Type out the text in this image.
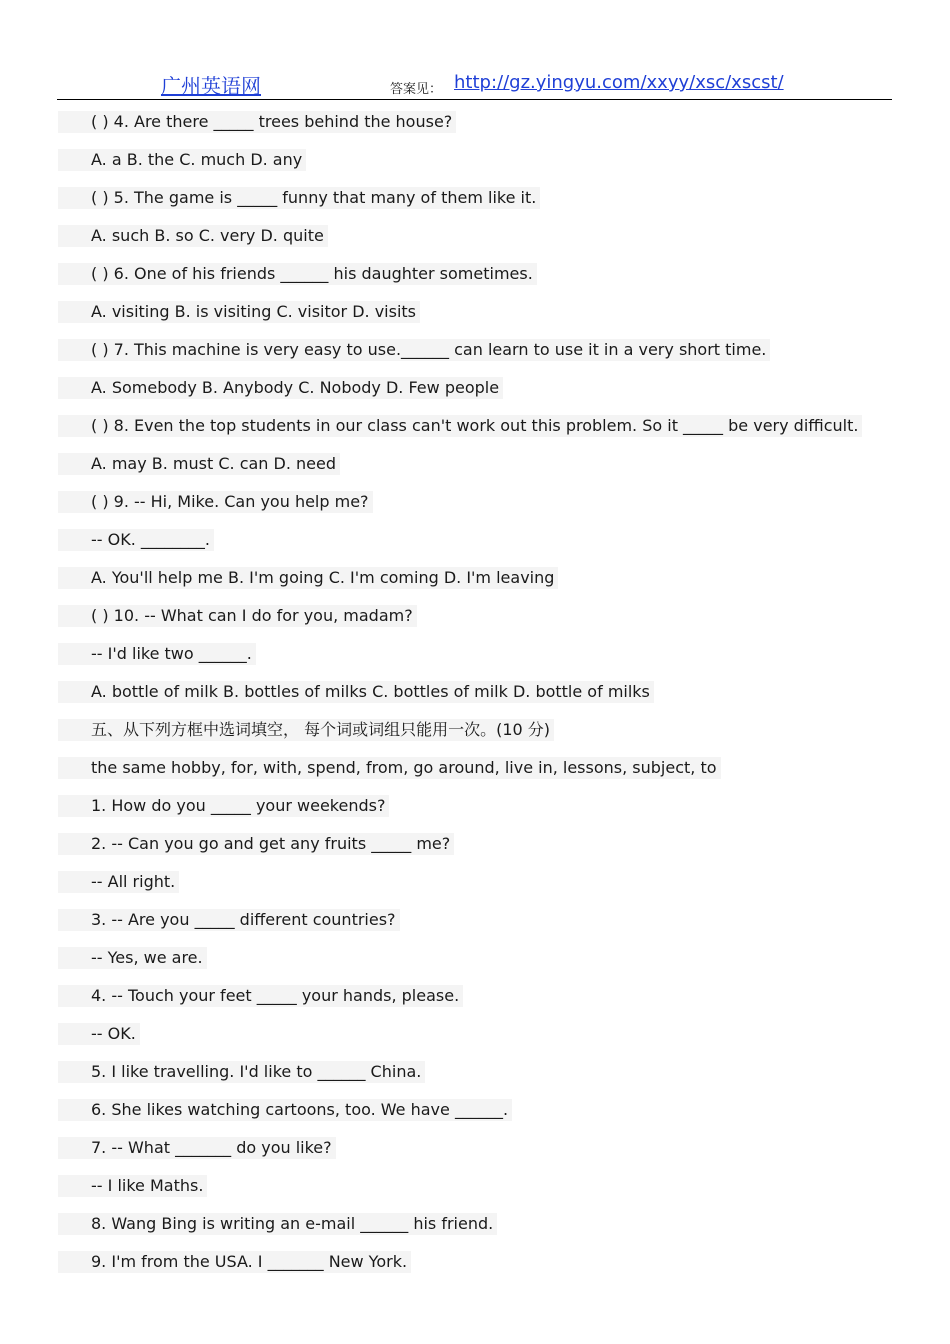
广州英语网	答案见： http://gz.yingyu.com/xxyy/xsc/xscst/
( ) 4. Are there _____ trees behind the house?
A. a B. the C. much D. any
( ) 5. The game is _____ funny that many of them like it.
A. such B. so C. very D. quite
( ) 6. One of his friends ______ his daughter sometimes.
A. visiting B. is visiting C. visitor D. visits
( ) 7. This machine is very easy to use.______ can learn to use it in a very short time.
A. Somebody B. Anybody C. Nobody D. Few people
( ) 8. Even the top students in our class can't work out this problem. So it _____ be very difficult.
A. may B. must C. can D. need
( ) 9. -- Hi, Mike. Can you help me?
-- OK. ________.
A. You'll help me B. I'm going C. I'm coming D. I'm leaving
( ) 10. -- What can I do for you, madam?
-- I'd like two ______.
A. bottle of milk B. bottles of milks C. bottles of milk D. bottle of milks
五、从下列方框中选词填空， 每个词或词组只能用一次。(10 分)
the same hobby, for, with, spend, from, go around, live in, lessons, subject, to
1. How do you _____ your weekends?
2. -- Can you go and get any fruits _____ me?
-- All right.
3. -- Are you _____ different countries?
-- Yes, we are.
4. -- Touch your feet _____ your hands, please.
-- OK.
5. I like travelling. I'd like to ______ China.
6. She likes watching cartoons, too. We have ______.
7. -- What _______ do you like?
-- I like Maths.
8. Wang Bing is writing an e-mail ______ his friend.
9. I'm from the USA. I _______ New York.
